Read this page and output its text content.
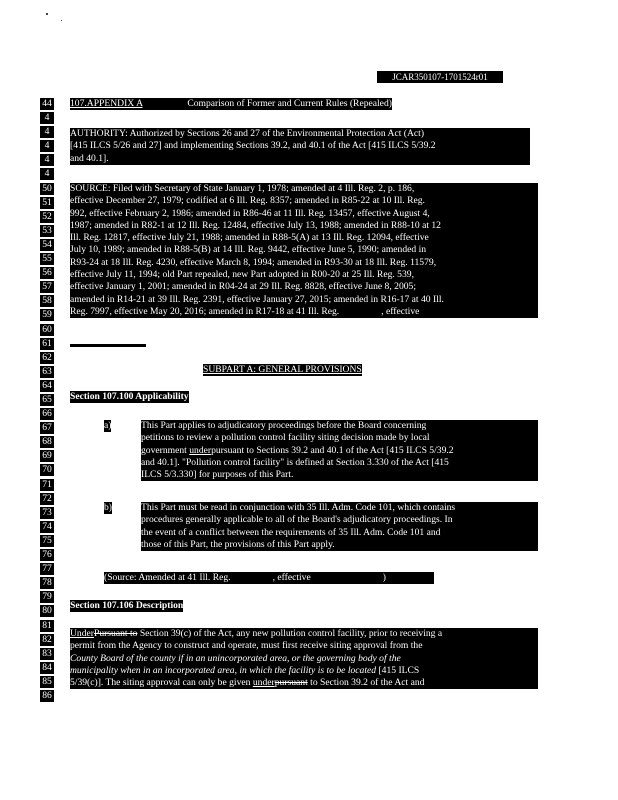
JCAR350107-1701524r01
44
4
4
4
4
4
50
51
52
53
54
55
56
57
58
59
60
61
62
63
64
65
66
67
68
69
70
71
72
73
74
75
76
77
78
79
80
81
82
83
84
85
86
107.APPENDIX A	Comparison of Former and Current Rules (Repealed)
AUTHORITY: Authorized by Sections 26 and 27 of the Environmental Protection Act (Act)
[415 ILCS 5/26 and 27] and implementing Sections 39.2, and 40.1 of the Act [415 ILCS 5/39.2
and 40.1].
SOURCE: Filed with Secretary of State January 1, 1978; amended at 4 Ill. Reg. 2, p. 186,
effective December 27, 1979; codified at 6 Ill. Reg. 8357; amended in R85-22 at 10 Ill. Reg.
992, effective February 2, 1986; amended in R86-46 at 11 Ill. Reg. 13457, effective August 4,
1987; amended in R82-1 at 12 Ill. Reg. 12484, effective July 13, 1988; amended in R88-10 at 12
Ill. Reg. 12817, effective July 21, 1988; amended in R88-5(A) at 13 Ill. Reg. 12094, effective
July 10, 1989; amended in R88-5(B) at 14 Ill. Reg. 9442, effective June 5, 1990; amended in
R93-24 at 18 Ill. Reg. 4230, effective March 8, 1994; amended in R93-30 at 18 Ill. Reg. 11579,
effective July 11, 1994; old Part repealed, new Part adopted in R00-20 at 25 Ill. Reg. 539,
effective January 1, 2001; amended in R04-24 at 29 Ill. Reg. 8828, effective June 8, 2005;
amended in R14-21 at 39 Ill. Reg. 2391, effective January 27, 2015; amended in R16-17 at 40 Ill.
Reg. 7997, effective May 20, 2016; amended in R17-18 at 41 Ill. Reg.	, effective
SUBPART A: GENERAL PROVISIONS
Section 107.100 Applicability
a)	This Part applies to adjudicatory proceedings before the Board concerning
petitions to review a pollution control facility siting decision made by local
government underpursuant to Sections 39.2 and 40.1 of the Act [415 ILCS 5/39.2
and 40.1]. "Pollution control facility" is defined at Section 3.330 of the Act [415
ILCS 5/3.330] for purposes of this Part.
b)	This Part must be read in conjunction with 35 Ill. Adm. Code 101, which contains
procedures generally applicable to all of the Board's adjudicatory proceedings. In
the event of a conflict between the requirements of 35 Ill. Adm. Code 101 and
those of this Part, the provisions of this Part apply.
(Source: Amended at 41 Ill. Reg.	, effective	)
Section 107.106 Description
UnderPursuant to Section 39(c) of the Act, any new pollution control facility, prior to receiving a
permit from the Agency to construct and operate, must first receive siting approval from the
County Board of the county if in an unincorporated area, or the governing body of the
municipality when in an incorporated area, in which the facility is to be located [415 ILCS
5/39(c)]. The siting approval can only be given underpursuant to Section 39.2 of the Act and
